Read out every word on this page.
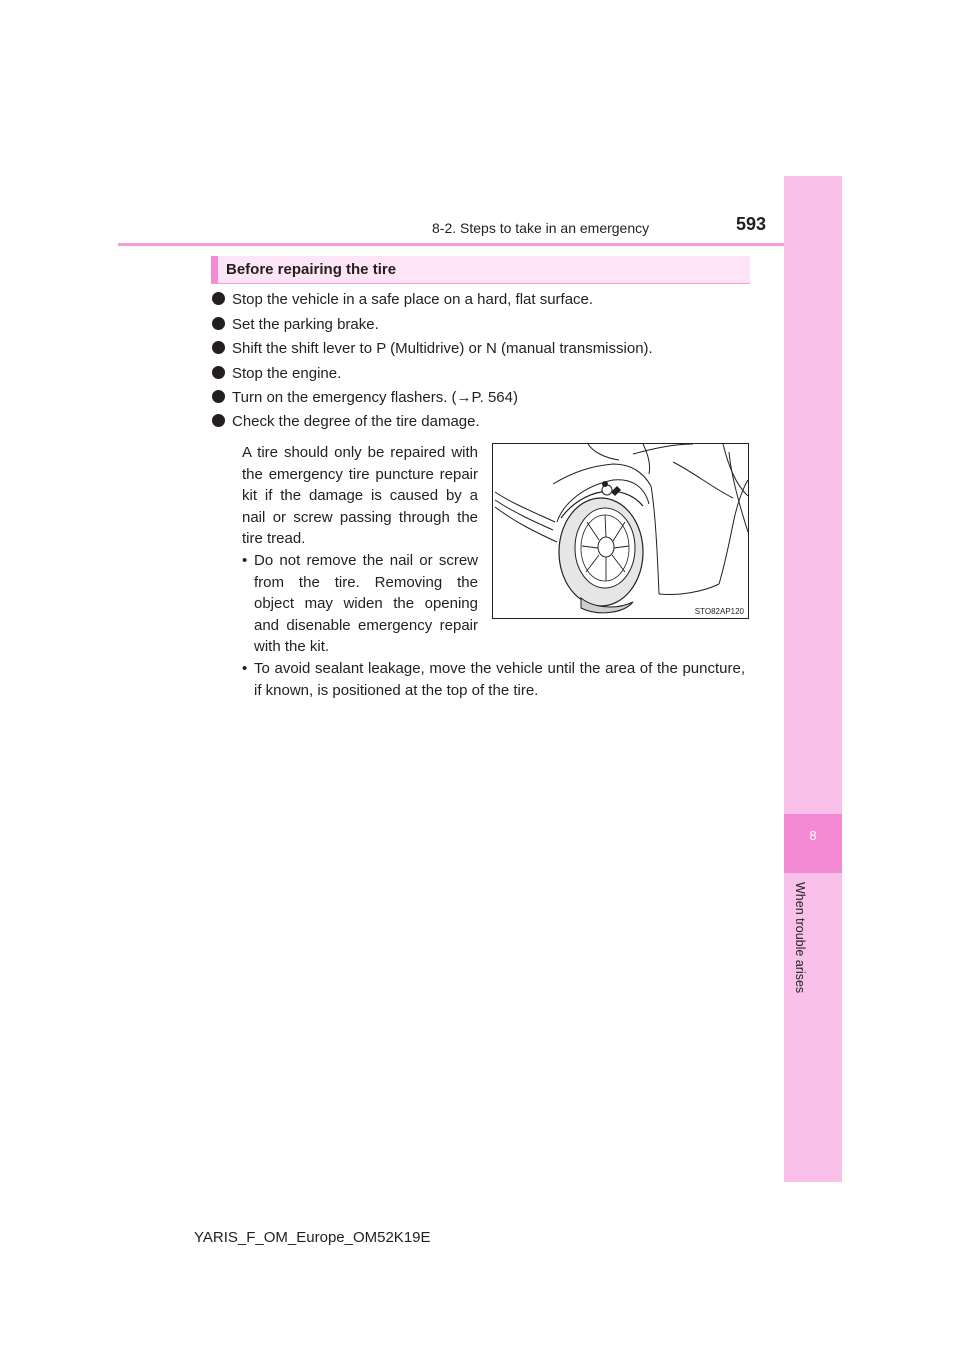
8-2. Steps to take in an emergency	593
8
When trouble arises
Before repairing the tire
Stop the vehicle in a safe place on a hard, flat surface.
Set the parking brake.
Shift the shift lever to P (Multidrive) or N (manual transmission).
Stop the engine.
Turn on the emergency flashers. (→P. 564)
Check the degree of the tire damage.
A tire should only be repaired with the emergency tire puncture repair kit if the damage is caused by a nail or screw passing through the tire tread.
• Do not remove the nail or screw from the tire. Removing the object may widen the opening and disenable emergency repair with the kit.
• To avoid sealant leakage, move the vehicle until the area of the puncture, if known, is positioned at the top of the tire.
STO82AP120
YARIS_F_OM_Europe_OM52K19E
